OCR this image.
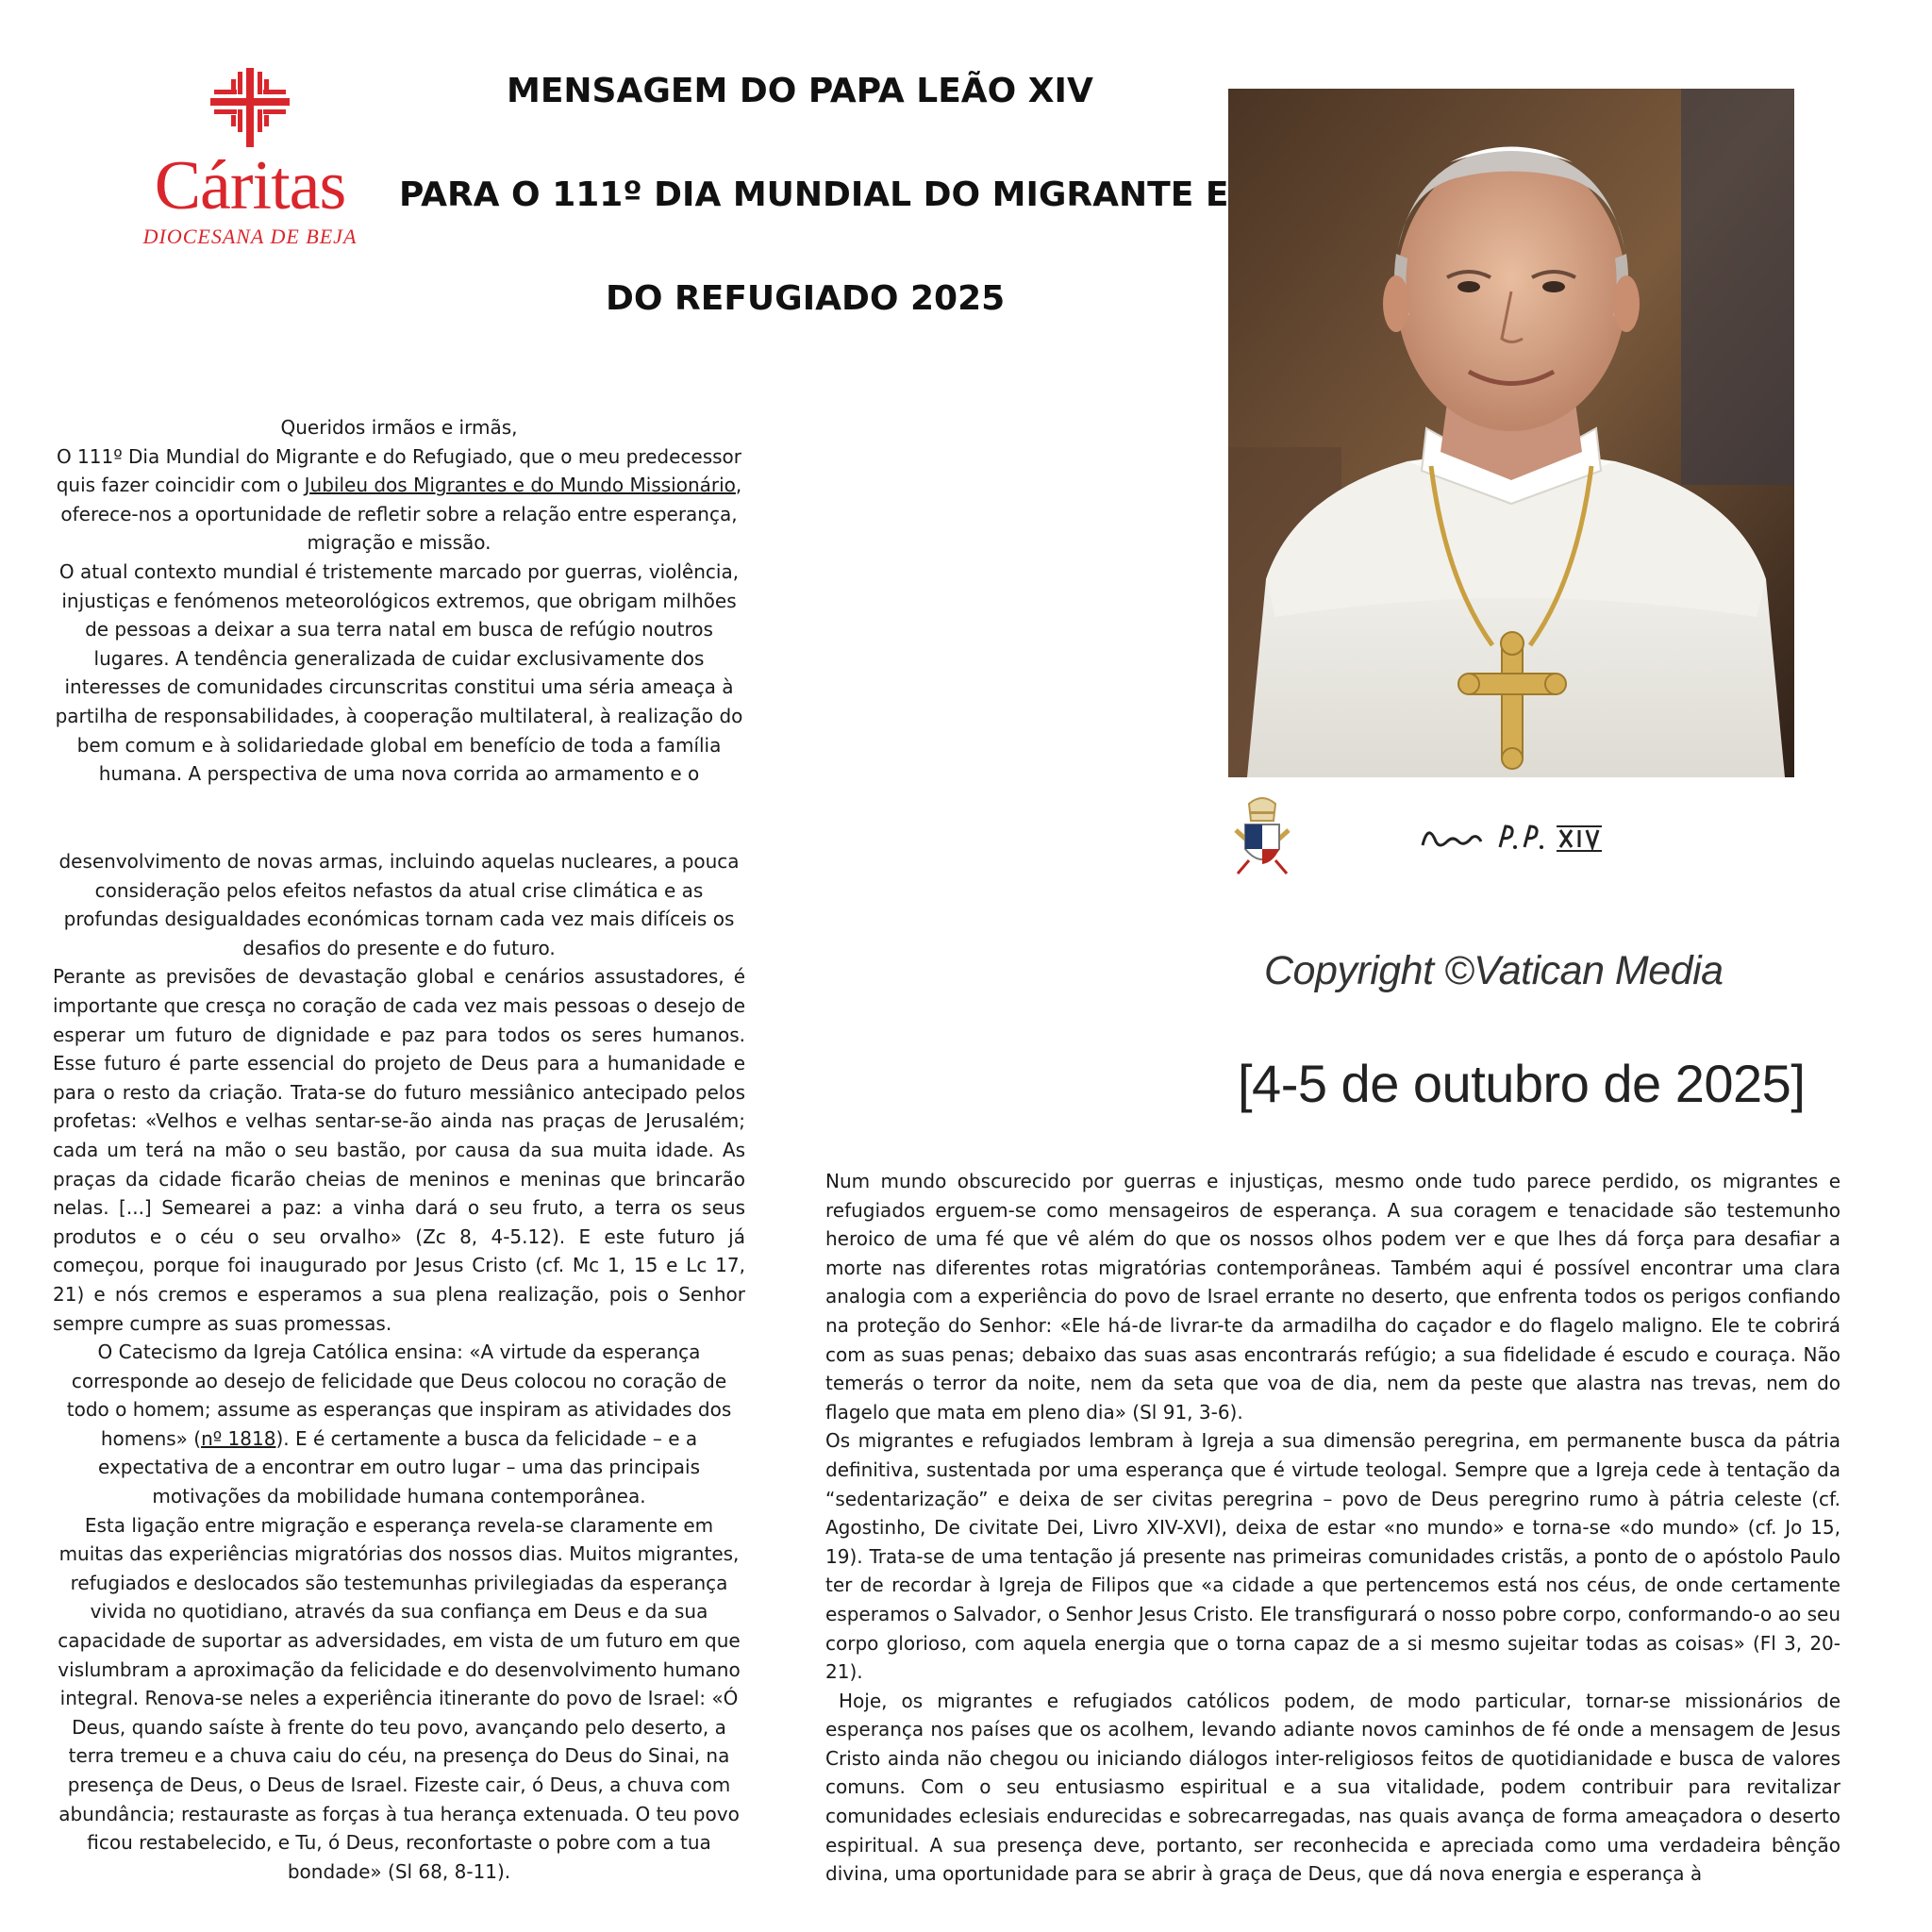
Cáritas
DIOCESANA DE BEJA
MENSAGEM DO PAPA LEÃO XIV
PARA O 111º DIA MUNDIAL DO MIGRANTE E
DO REFUGIADO 2025
Copyright ©Vatican Media
[4-5 de outubro de 2025]

Queridos irmãos e irmãs,

O 111º Dia Mundial do Migrante e do Refugiado, que o meu predecessor quis fazer coincidir com o Jubileu dos Migrantes e do Mundo Missionário, oferece-nos a oportunidade de refletir sobre a relação entre esperança, migração e missão.

O atual contexto mundial é tristemente marcado por guerras, violência, injustiças e fenómenos meteorológicos extremos, que obrigam milhões de pessoas a deixar a sua terra natal em busca de refúgio noutros lugares. A tendência generalizada de cuidar exclusivamente dos interesses de comunidades circunscritas constitui uma séria ameaça à partilha de responsabilidades, à cooperação multilateral, à realização do bem comum e à solidariedade global em benefício de toda a família humana. A perspectiva de uma nova corrida ao armamento e o

desenvolvimento de novas armas, incluindo aquelas nucleares, a pouca consideração pelos efeitos nefastos da atual crise climática e as profundas desigualdades económicas tornam cada vez mais difíceis os desafios do presente e do futuro.

Perante as previsões de devastação global e cenários assustadores, é importante que cresça no coração de cada vez mais pessoas o desejo de esperar um futuro de dignidade e paz para todos os seres humanos. Esse futuro é parte essencial do projeto de Deus para a humanidade e para o resto da criação. Trata-se do futuro messiânico antecipado pelos profetas: «Velhos e velhas sentar-se-ão ainda nas praças de Jerusalém; cada um terá na mão o seu bastão, por causa da sua muita idade. As praças da cidade ficarão cheias de meninos e meninas que brincarão nelas. [...] Semearei a paz: a vinha dará o seu fruto, a terra os seus produtos e o céu o seu orvalho» (Zc 8, 4-5.12). E este futuro já começou, porque foi inaugurado por Jesus Cristo (cf. Mc 1, 15 e Lc 17, 21) e nós cremos e esperamos a sua plena realização, pois o Senhor sempre cumpre as suas promessas.

O Catecismo da Igreja Católica ensina: «A virtude da esperança corresponde ao desejo de felicidade que Deus colocou no coração de todo o homem; assume as esperanças que inspiram as atividades dos homens» (nº 1818). E é certamente a busca da felicidade – e a expectativa de a encontrar em outro lugar – uma das principais motivações da mobilidade humana contemporânea.

Esta ligação entre migração e esperança revela-se claramente em muitas das experiências migratórias dos nossos dias. Muitos migrantes, refugiados e deslocados são testemunhas privilegiadas da esperança vivida no quotidiano, através da sua confiança em Deus e da sua capacidade de suportar as adversidades, em vista de um futuro em que vislumbram a aproximação da felicidade e do desenvolvimento humano integral. Renova-se neles a experiência itinerante do povo de Israel: «Ó Deus, quando saíste à frente do teu povo, avançando pelo deserto, a terra tremeu e a chuva caiu do céu, na presença do Deus do Sinai, na presença de Deus, o Deus de Israel. Fizeste cair, ó Deus, a chuva com abundância; restauraste as forças à tua herança extenuada. O teu povo ficou restabelecido, e Tu, ó Deus, reconfortaste o pobre com a tua bondade» (Sl 68, 8-11).

Num mundo obscurecido por guerras e injustiças, mesmo onde tudo parece perdido, os migrantes e refugiados erguem-se como mensageiros de esperança. A sua coragem e tenacidade são testemunho heroico de uma fé que vê além do que os nossos olhos podem ver e que lhes dá força para desafiar a morte nas diferentes rotas migratórias contemporâneas. Também aqui é possível encontrar uma clara analogia com a experiência do povo de Israel errante no deserto, que enfrenta todos os perigos confiando na proteção do Senhor: «Ele há-de livrar-te da armadilha do caçador e do flagelo maligno. Ele te cobrirá com as suas penas; debaixo das suas asas encontrarás refúgio; a sua fidelidade é escudo e couraça. Não temerás o terror da noite, nem da seta que voa de dia, nem da peste que alastra nas trevas, nem do flagelo que mata em pleno dia» (Sl 91, 3-6).

Os migrantes e refugiados lembram à Igreja a sua dimensão peregrina, em permanente busca da pátria definitiva, sustentada por uma esperança que é virtude teologal. Sempre que a Igreja cede à tentação da “sedentarização” e deixa de ser civitas peregrina – povo de Deus peregrino rumo à pátria celeste (cf. Agostinho, De civitate Dei, Livro XIV-XVI), deixa de estar «no mundo» e torna-se «do mundo» (cf. Jo 15, 19). Trata-se de uma tentação já presente nas primeiras comunidades cristãs, a ponto de o apóstolo Paulo ter de recordar à Igreja de Filipos que «a cidade a que pertencemos está nos céus, de onde certamente esperamos o Salvador, o Senhor Jesus Cristo. Ele transfigurará o nosso pobre corpo, conformando-o ao seu corpo glorioso, com aquela energia que o torna capaz de a si mesmo sujeitar todas as coisas» (Fl 3, 20-21).

Hoje, os migrantes e refugiados católicos podem, de modo particular, tornar-se missionários de esperança nos países que os acolhem, levando adiante novos caminhos de fé onde a mensagem de Jesus Cristo ainda não chegou ou iniciando diálogos inter-religiosos feitos de quotidianidade e busca de valores comuns. Com o seu entusiasmo espiritual e a sua vitalidade, podem contribuir para revitalizar comunidades eclesiais endurecidas e sobrecarregadas, nas quais avança de forma ameaçadora o deserto espiritual. A sua presença deve, portanto, ser reconhecida e apreciada como uma verdadeira bênção divina, uma oportunidade para se abrir à graça de Deus, que dá nova energia e esperança à
